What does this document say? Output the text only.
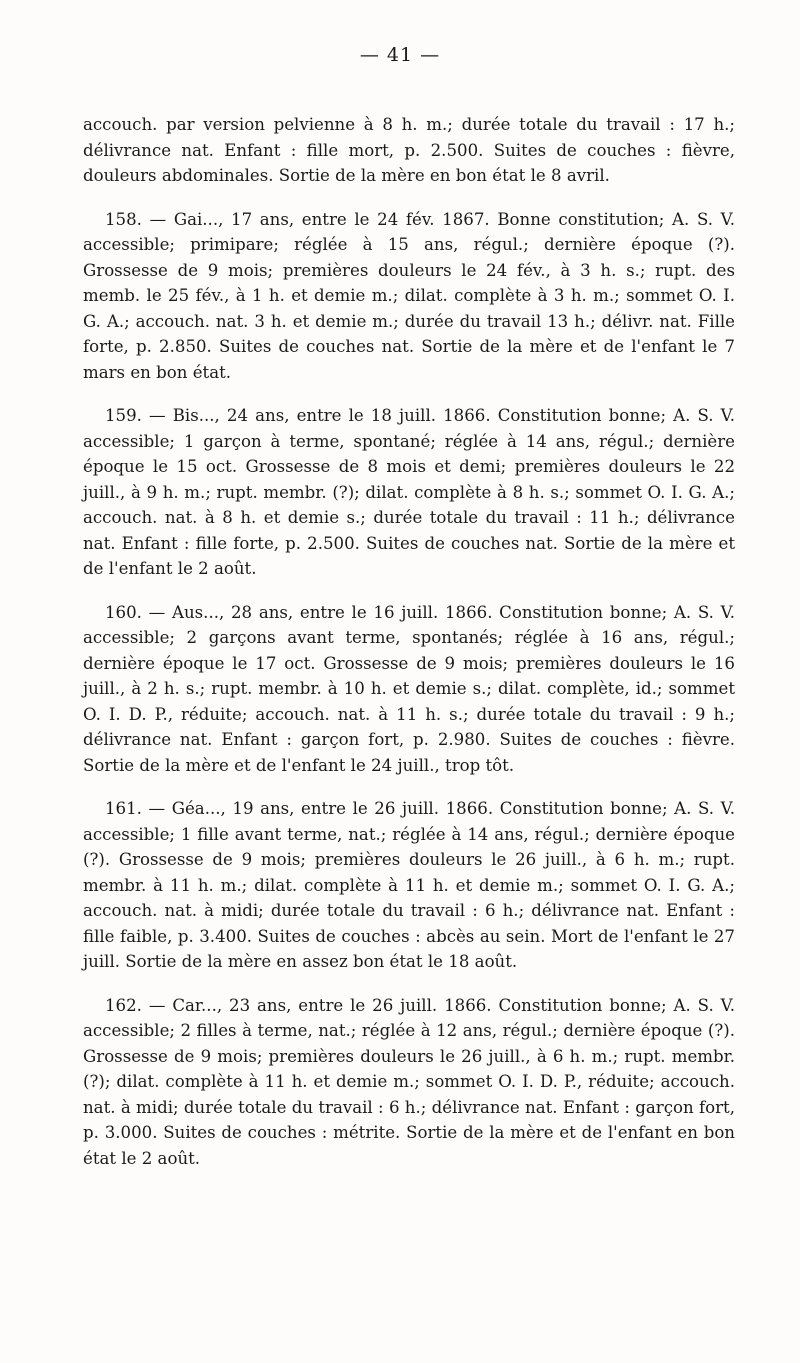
— 41 —

accouch. par version pelvienne à 8 h. m.; durée totale du travail : 17 h.; délivrance nat. Enfant : fille mort, p. 2.500. Suites de couches : fièvre, douleurs abdominales. Sortie de la mère en bon état le 8 avril.

158. — Gai..., 17 ans, entre le 24 fév. 1867. Bonne constitution; A. S. V. accessible; primipare; réglée à 15 ans, régul.; dernière époque (?). Grossesse de 9 mois; premières douleurs le 24 fév., à 3 h. s.; rupt. des memb. le 25 fév., à 1 h. et demie m.; dilat. complète à 3 h. m.; sommet O. I. G. A.; accouch. nat. 3 h. et demie m.; durée du travail 13 h.; délivr. nat. Fille forte, p. 2.850. Suites de couches nat. Sortie de la mère et de l'enfant le 7 mars en bon état.

159. — Bis..., 24 ans, entre le 18 juill. 1866. Constitution bonne; A. S. V. accessible; 1 garçon à terme, spontané; réglée à 14 ans, régul.; dernière époque le 15 oct. Grossesse de 8 mois et demi; premières douleurs le 22 juill., à 9 h. m.; rupt. membr. (?); dilat. complète à 8 h. s.; sommet O. I. G. A.; accouch. nat. à 8 h. et demie s.; durée totale du travail : 11 h.; délivrance nat. Enfant : fille forte, p. 2.500. Suites de couches nat. Sortie de la mère et de l'enfant le 2 août.

160. — Aus..., 28 ans, entre le 16 juill. 1866. Constitution bonne; A. S. V. accessible; 2 garçons avant terme, spontanés; réglée à 16 ans, régul.; dernière époque le 17 oct. Grossesse de 9 mois; premières douleurs le 16 juill., à 2 h. s.; rupt. membr. à 10 h. et demie s.; dilat. complète, id.; sommet O. I. D. P., réduite; accouch. nat. à 11 h. s.; durée totale du travail : 9 h.; délivrance nat. Enfant : garçon fort, p. 2.980. Suites de couches : fièvre. Sortie de la mère et de l'enfant le 24 juill., trop tôt.

161. — Géa..., 19 ans, entre le 26 juill. 1866. Constitution bonne; A. S. V. accessible; 1 fille avant terme, nat.; réglée à 14 ans, régul.; dernière époque (?). Grossesse de 9 mois; premières douleurs le 26 juill., à 6 h. m.; rupt. membr. à 11 h. m.; dilat. complète à 11 h. et demie m.; sommet O. I. G. A.; accouch. nat. à midi; durée totale du travail : 6 h.; délivrance nat. Enfant : fille faible, p. 3.400. Suites de couches : abcès au sein. Mort de l'enfant le 27 juill. Sortie de la mère en assez bon état le 18 août.

162. — Car..., 23 ans, entre le 26 juill. 1866. Constitution bonne; A. S. V. accessible; 2 filles à terme, nat.; réglée à 12 ans, régul.; dernière époque (?). Grossesse de 9 mois; premières douleurs le 26 juill., à 6 h. m.; rupt. membr. (?); dilat. complète à 11 h. et demie m.; sommet O. I. D. P., réduite; accouch. nat. à midi; durée totale du travail : 6 h.; délivrance nat. Enfant : garçon fort, p. 3.000. Suites de couches : métrite. Sortie de la mère et de l'enfant en bon état le 2 août.
